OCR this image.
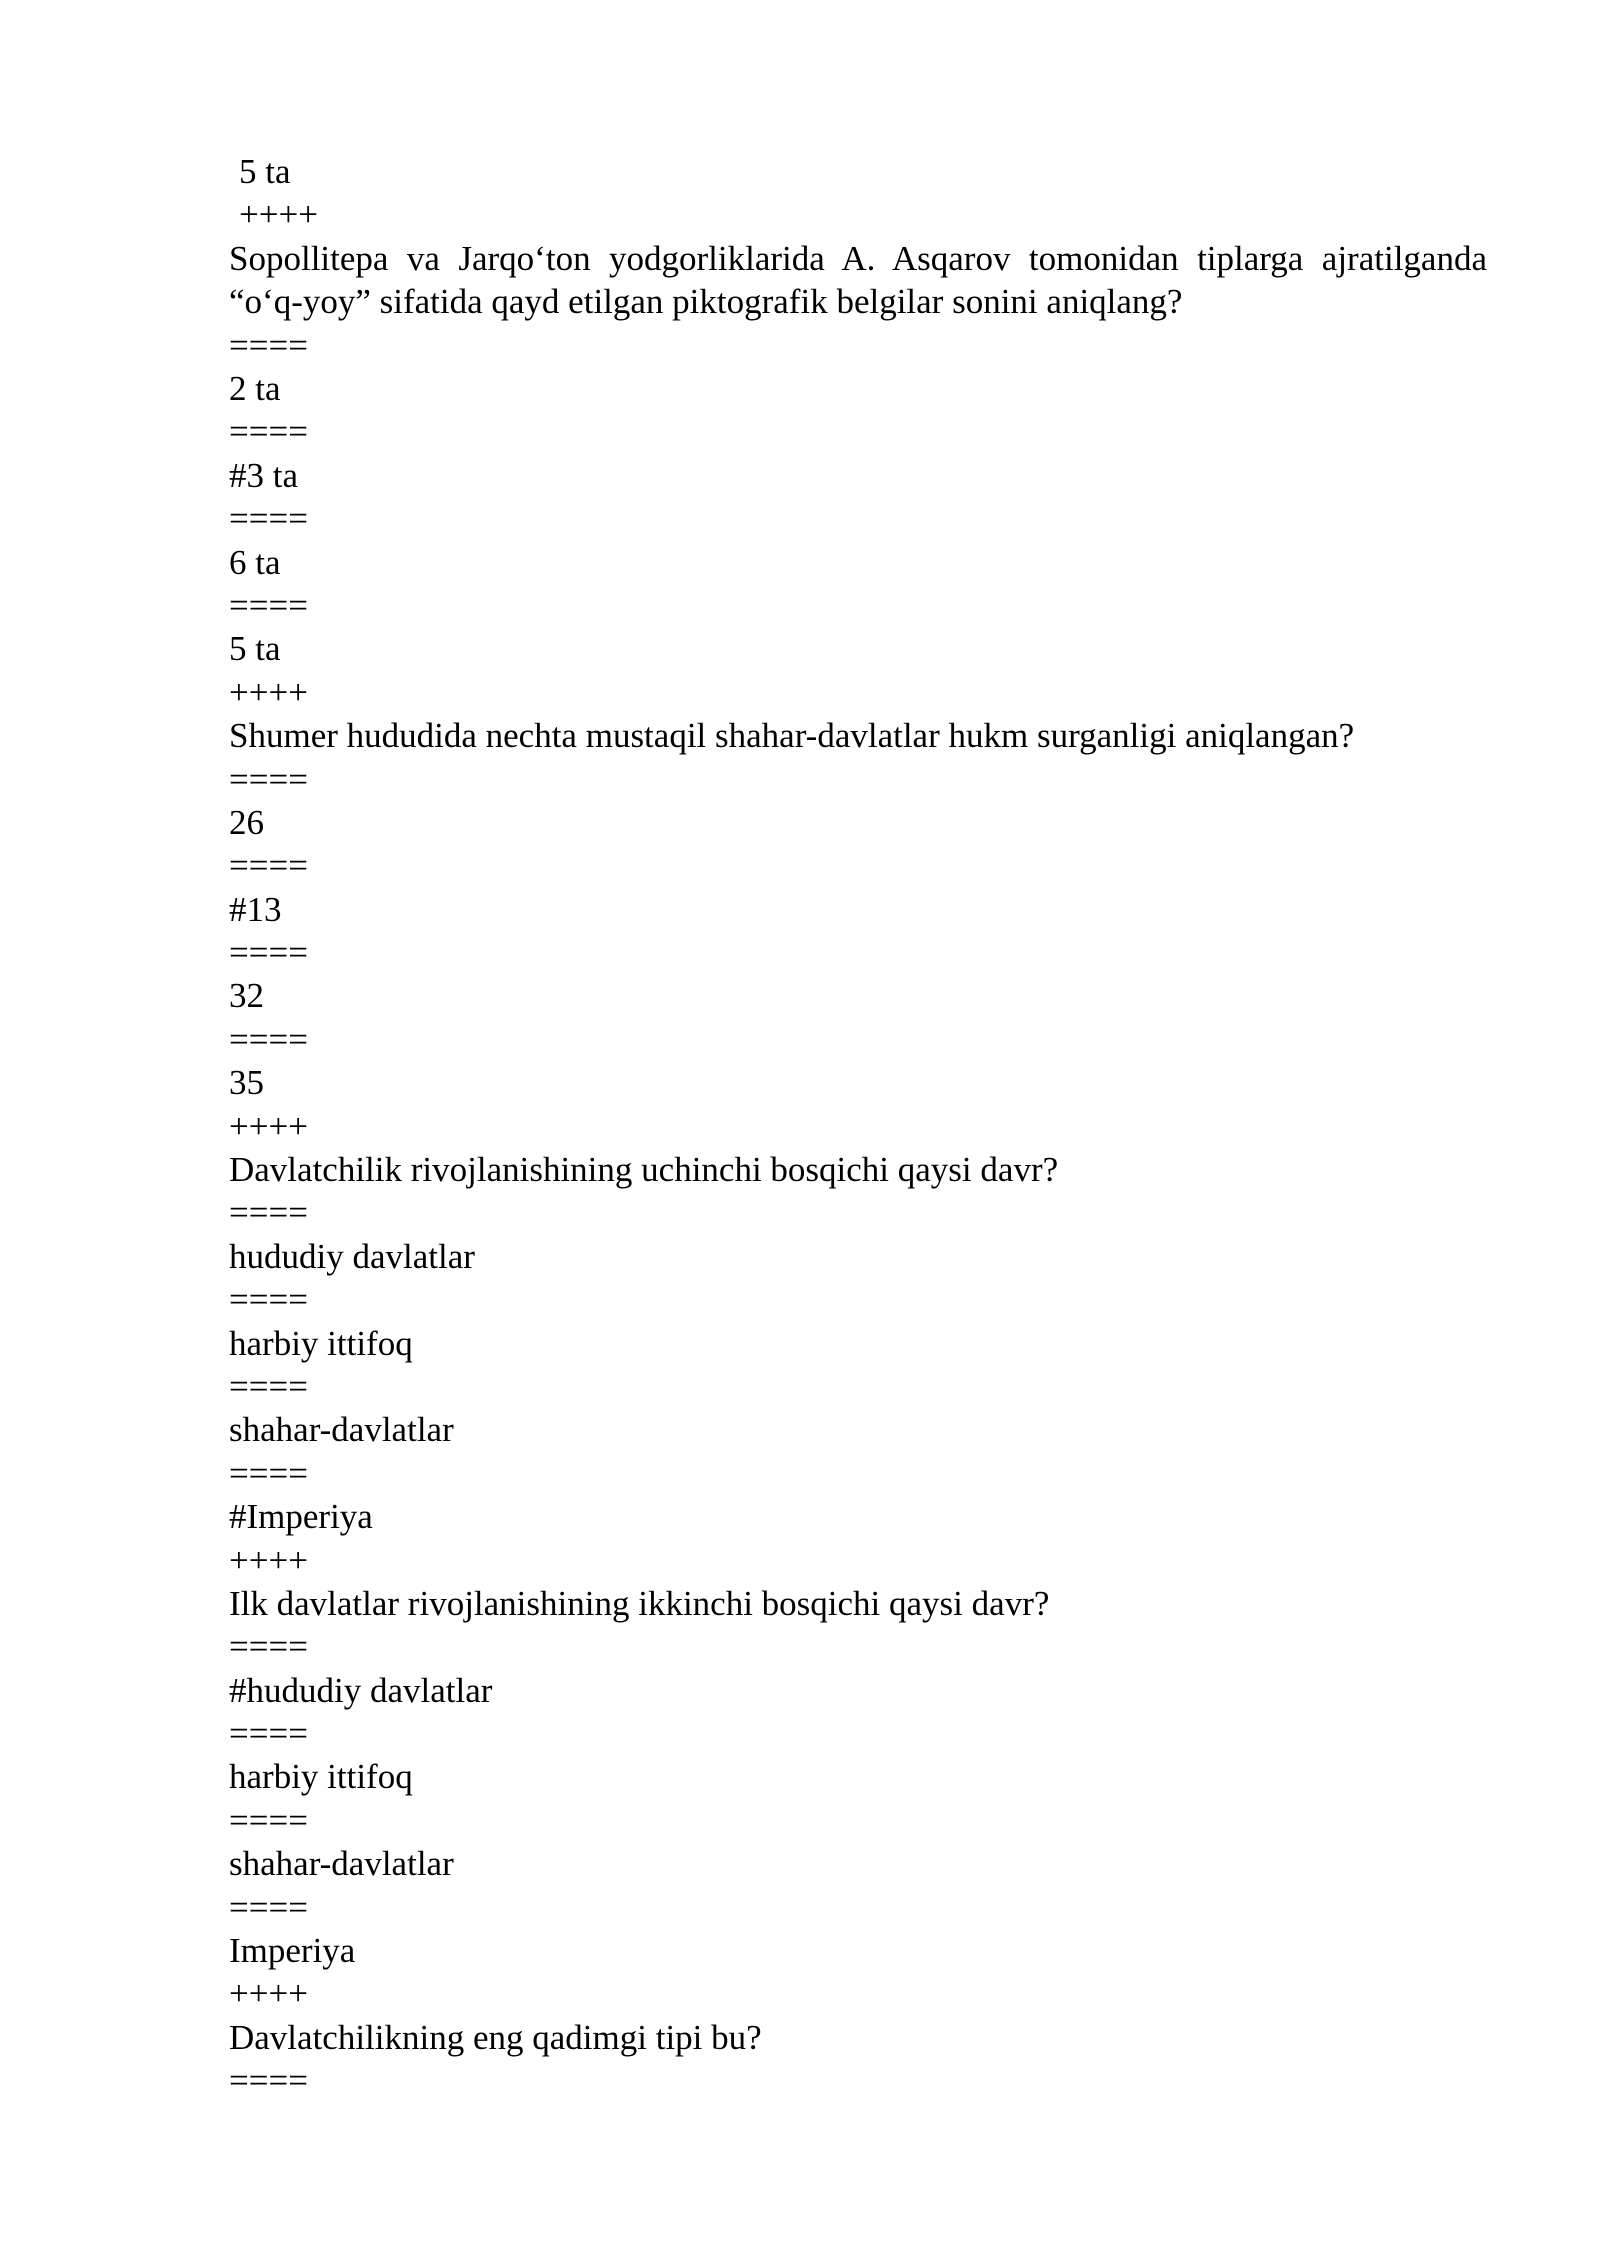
5 ta
++++
Sopollitepa va Jarqo‘ton yodgorliklarida A. Asqarov tomonidan tiplarga ajratilganda “o‘q-yoy” sifatida qayd etilgan piktografik belgilar sonini aniqlang?
====
2 ta
====
#3 ta
====
6 ta
====
5 ta
++++
Shumer hududida nechta mustaqil shahar-davlatlar hukm surganligi aniqlangan?
====
26
====
#13
====
32
====
35
++++
Davlatchilik rivojlanishining uchinchi bosqichi qaysi davr?
====
hududiy davlatlar
====
harbiy ittifoq
====
shahar-davlatlar
====
#Imperiya
++++
Ilk davlatlar rivojlanishining ikkinchi bosqichi qaysi davr?
====
#hududiy davlatlar
====
harbiy ittifoq
====
shahar-davlatlar
====
Imperiya
++++
Davlatchilikning eng qadimgi tipi bu?
====
